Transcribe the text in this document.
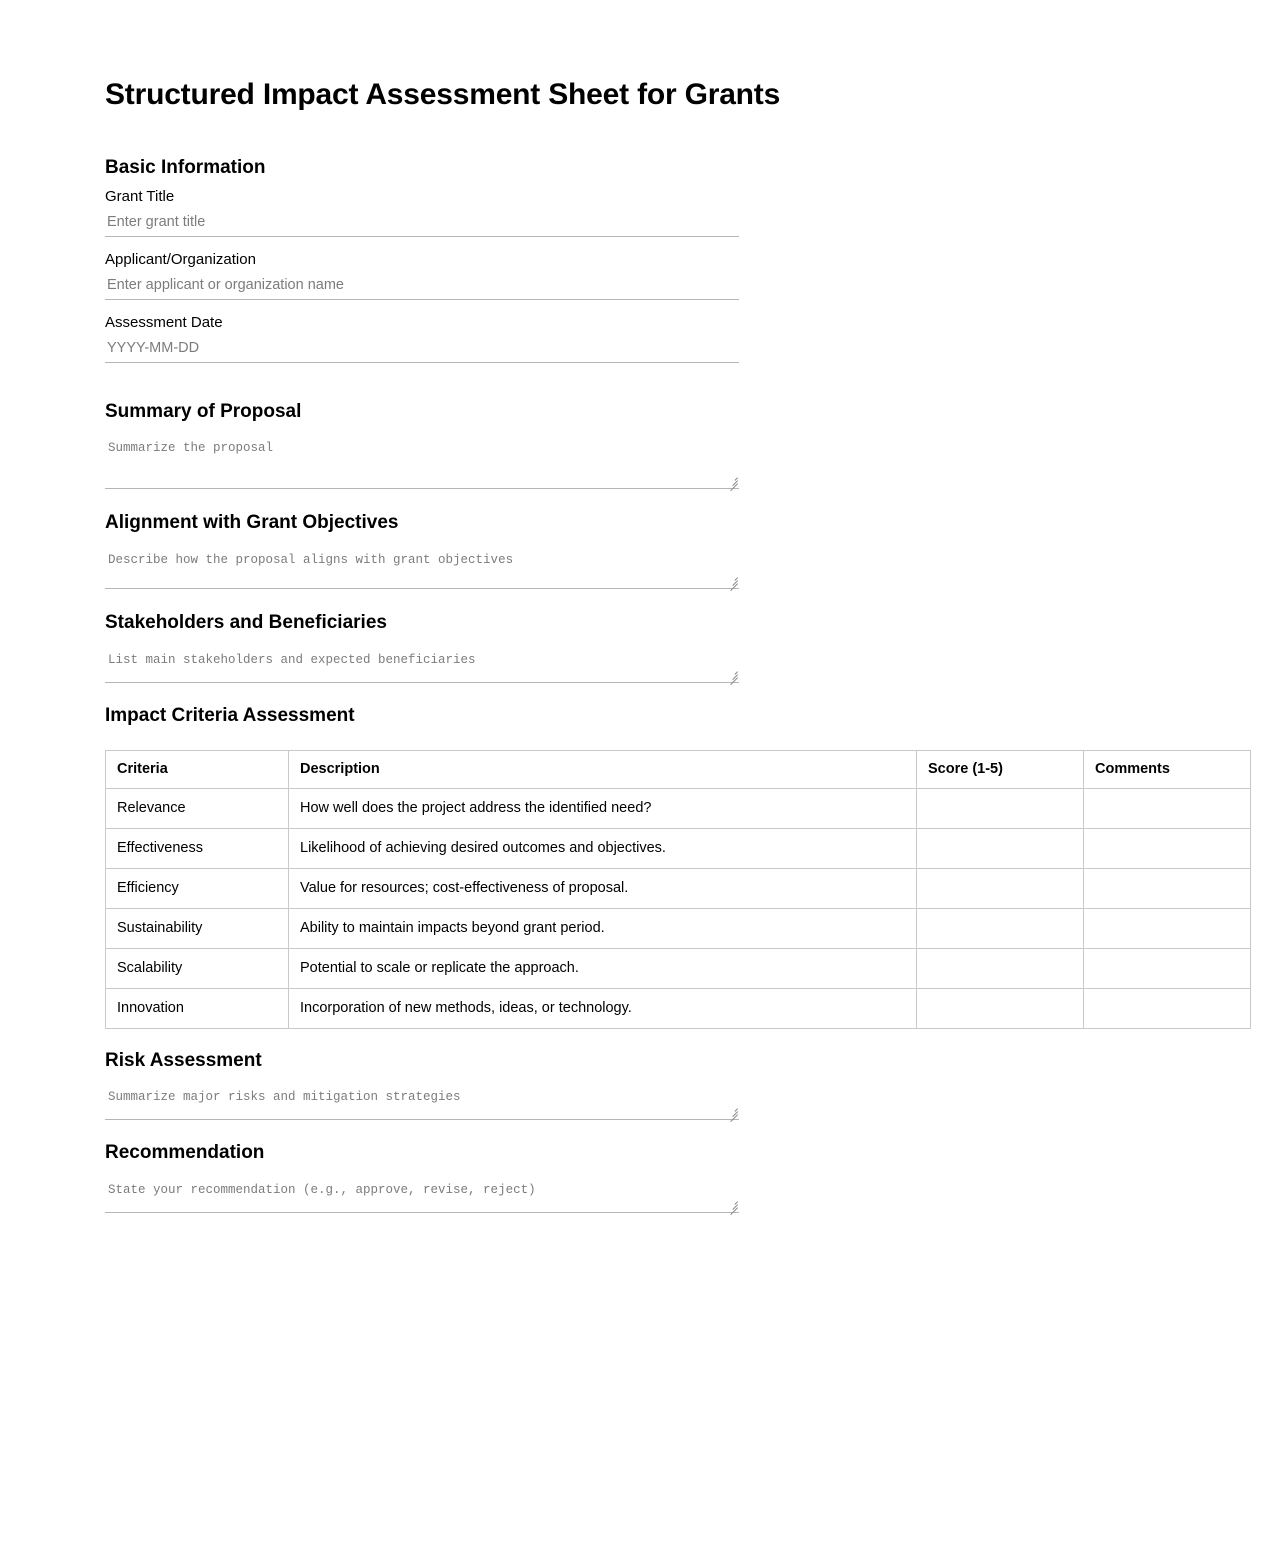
Structured Impact Assessment Sheet for Grants
Basic Information
Grant Title
Enter grant title
Applicant/Organization
Enter applicant or organization name
Assessment Date
YYYY-MM-DD
Summary of Proposal
Summarize the proposal
Alignment with Grant Objectives
Describe how the proposal aligns with grant objectives
Stakeholders and Beneficiaries
List main stakeholders and expected beneficiaries
Impact Criteria Assessment
Criteria	Description	Score (1-5)	Comments
Relevance	How well does the project address the identified need?		
Effectiveness	Likelihood of achieving desired outcomes and objectives.		
Efficiency	Value for resources; cost-effectiveness of proposal.		
Sustainability	Ability to maintain impacts beyond grant period.		
Scalability	Potential to scale or replicate the approach.		
Innovation	Incorporation of new methods, ideas, or technology.		
Risk Assessment
Summarize major risks and mitigation strategies
Recommendation
State your recommendation (e.g., approve, revise, reject)
